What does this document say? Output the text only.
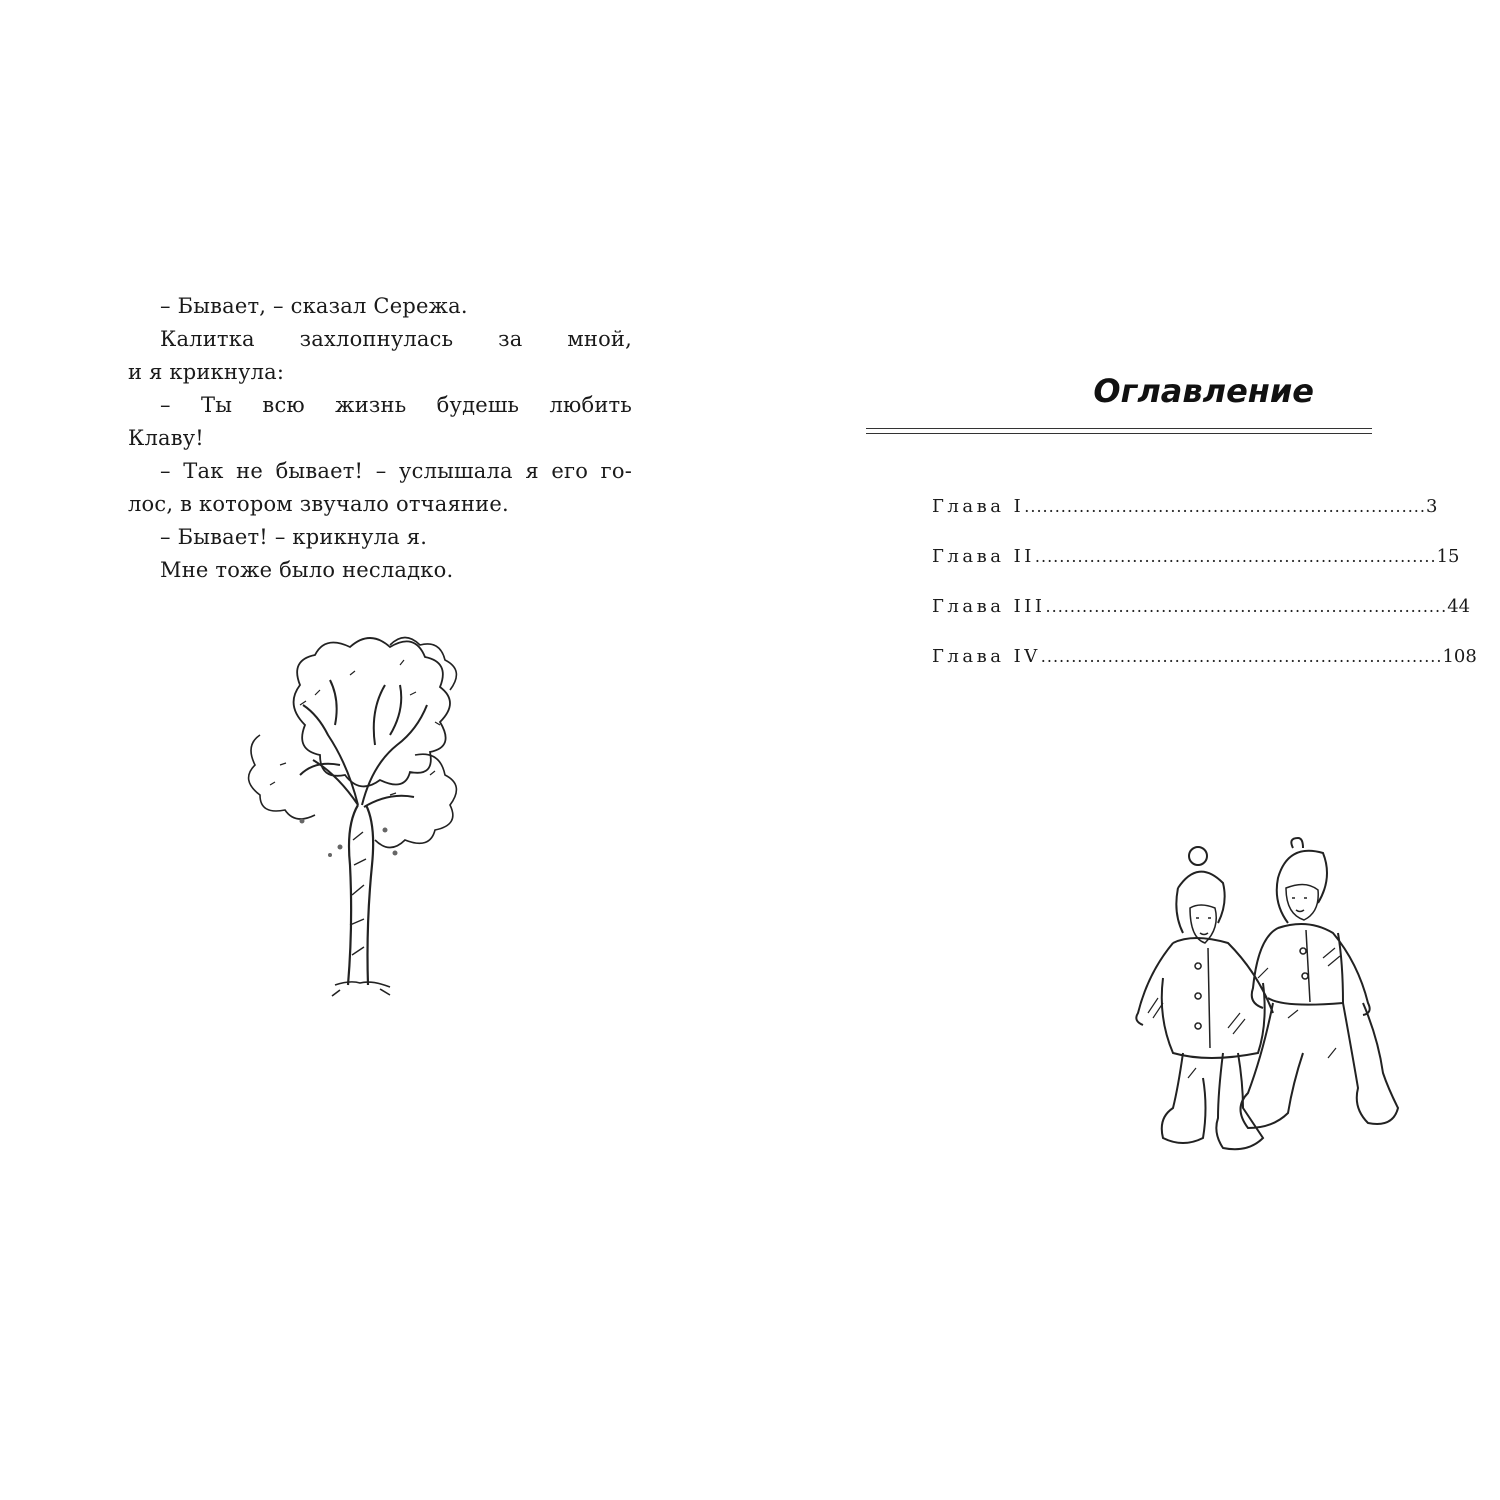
– Бывает, – сказал Сережа.

Калитка захлопнулась за мной,

и я крикнула:

– Ты всю жизнь будешь любить

Клаву!

– Так не бывает! – услышала я его го-

лос, в котором звучало отчаяние.

– Бывает! – крикнула я.

Мне тоже было несладко.

Оглавление
Глава I .................................................................. 3
Глава II .................................................................. 15
Глава III .................................................................. 44
Глава IV .................................................................. 108
